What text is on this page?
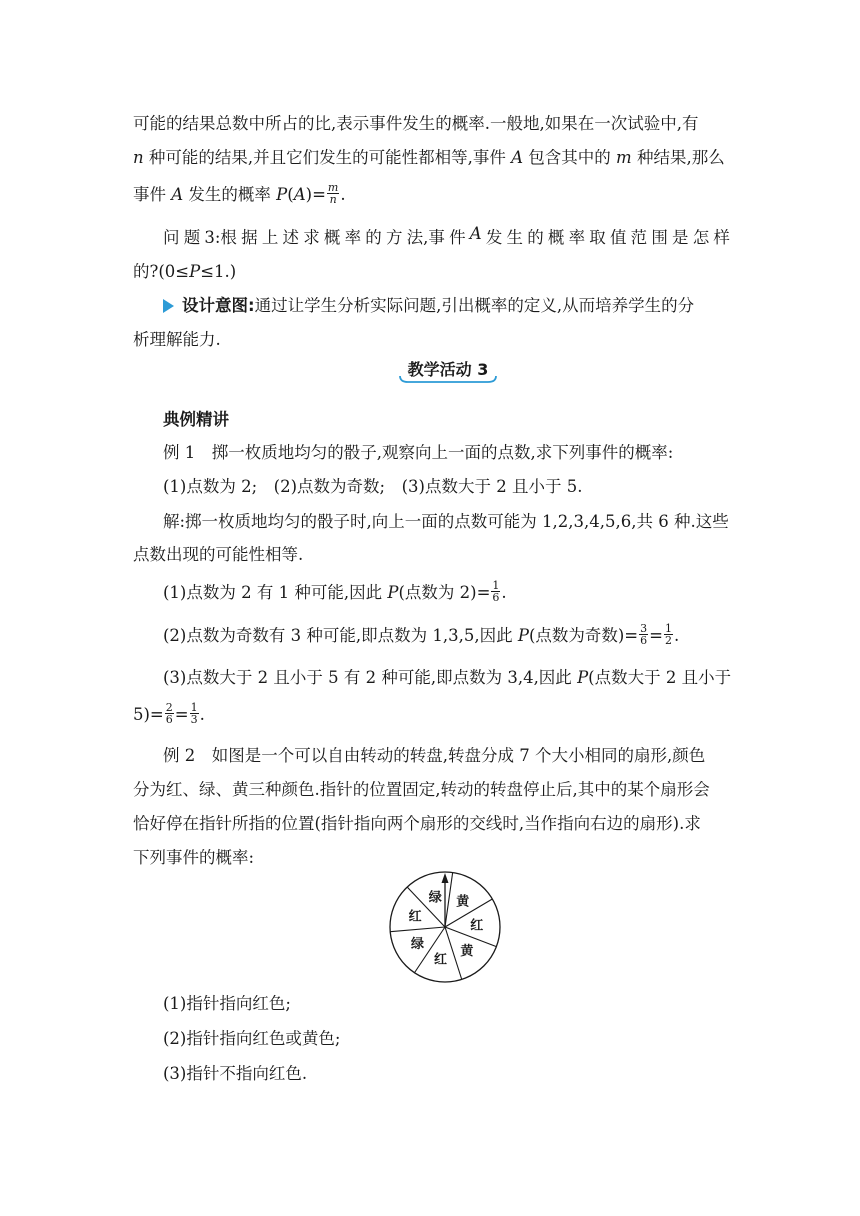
可能的结果总数中所占的比,表示事件发生的概率.一般地,如果在一次试验中,有
n 种可能的结果,并且它们发生的可能性都相等,事件 A 包含其中的 m 种结果,那么
事件 A 发生的概率 $P(A)= \frac{m}{n}$ .
问 题 3:根 据 上 述 求 概 率 的 方 法,事 件 A 发 生 的 概 率 取 值 范 围 是 怎 样
的?(0≤P≤1.)
设计意图:通过让学生分析实际问题,引出概率的定义,从而培养学生的分
析理解能力.
教学活动 3
典例精讲
例 1　掷一枚质地均匀的骰子,观察向上一面的点数,求下列事件的概率:
(1)点数为 2;　(2)点数为奇数;　(3)点数大于 2 且小于 5.
解:掷一枚质地均匀的骰子时,向上一面的点数可能为 1,2,3,4,5,6,共 6 种.这些
点数出现的可能性相等.
(1)点数为 2 有 1 种可能,因此 P(点数为 $2)= \frac{1}{6}$ .
(2)点数为奇数有 3 种可能,即点数为 1,3,5,因此 P(点数为奇数)= $\frac{3}{6} = \frac{1}{2}$ .
(3)点数大于 2 且小于 5 有 2 种可能,即点数为 3,4,因此 P(点数大于 2 且小于
$5)= \frac{2}{6} = \frac{1}{3}$ .
例 2　如图是一个可以自由转动的转盘,转盘分成 7 个大小相同的扇形,颜色
分为红、绿、黄三种颜色.指针的位置固定,转动的转盘停止后,其中的某个扇形会
恰好停在指针所指的位置(指针指向两个扇形的交线时,当作指向右边的扇形).求
下列事件的概率:
绿 黄
红
黄
红
绿
红
(1)指针指向红色;
(2)指针指向红色或黄色;
(3)指针不指向红色.
